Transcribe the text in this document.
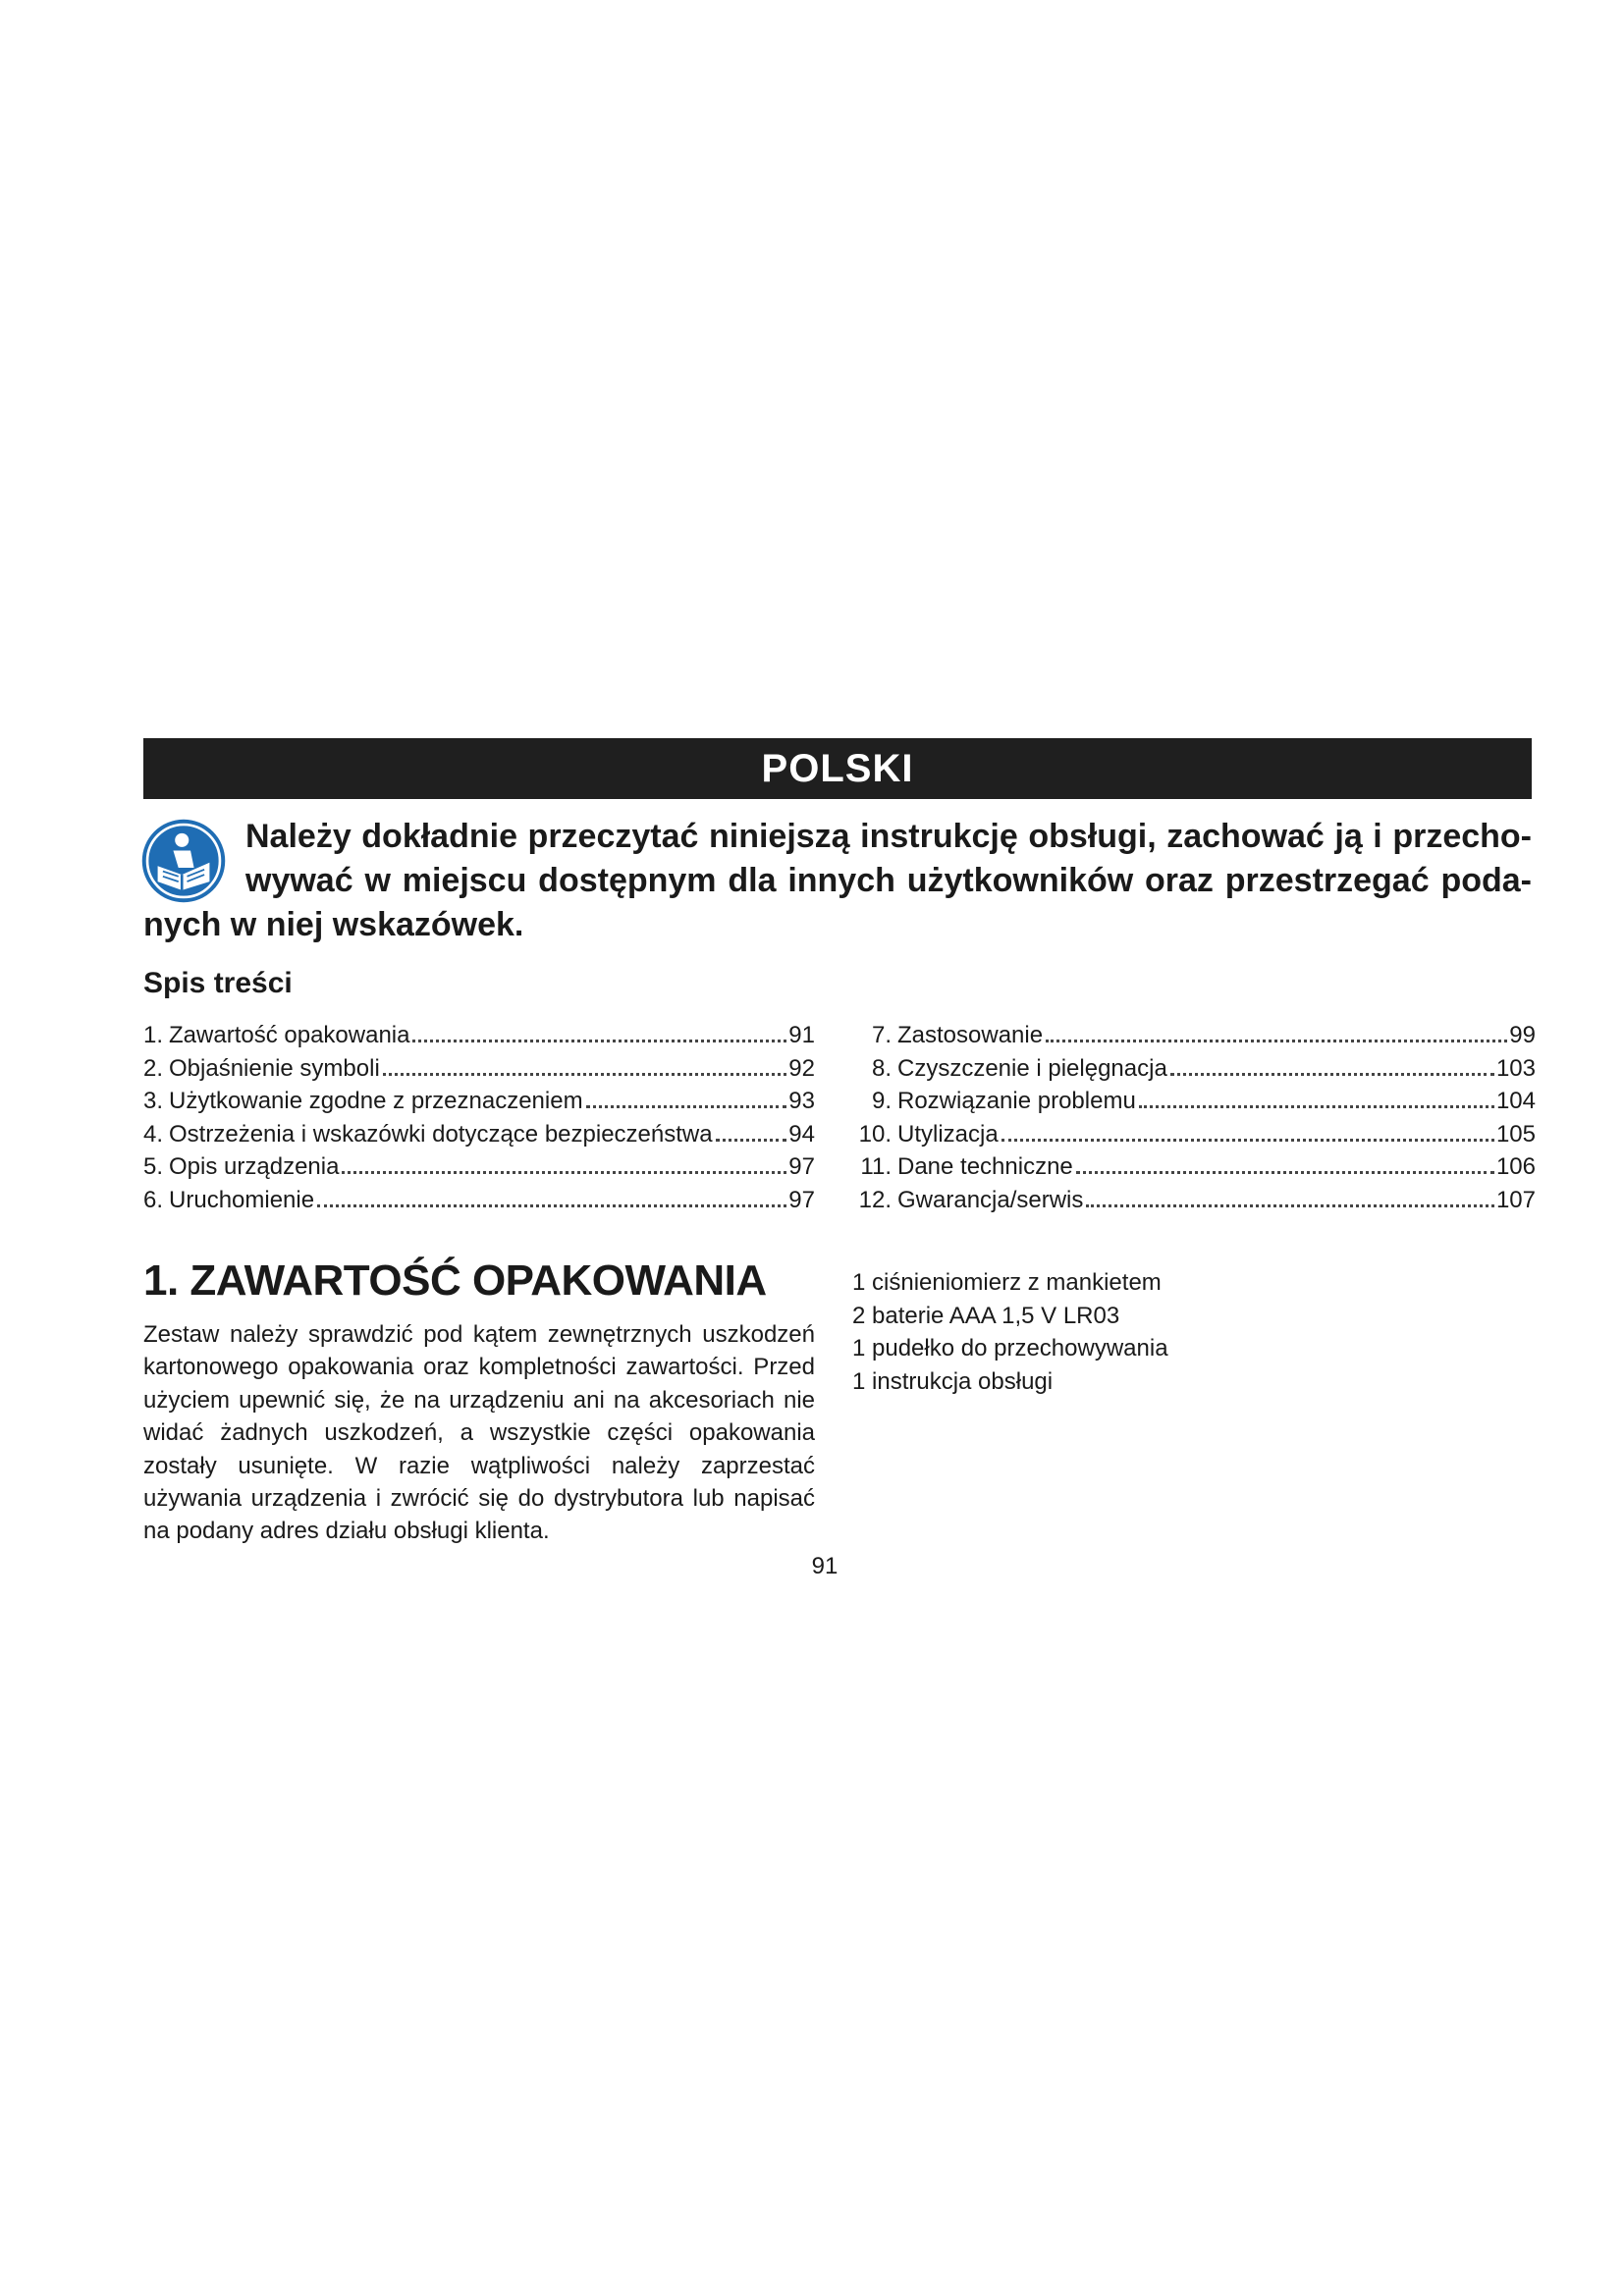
POLSKI
Należy dokładnie przeczytać niniejszą instrukcję obsługi, zachować ją i przecho-
wywać w miejscu dostępnym dla innych użytkowników oraz przestrzegać poda-
nych w niej wskazówek.
Spis treści
1. Zawartość opakowania	91
2. Objaśnienie symboli	92
3. Użytkowanie zgodne z przeznaczeniem	93
4. Ostrzeżenia i wskazówki dotyczące bezpieczeństwa	94
5. Opis urządzenia	97
6. Uruchomienie	97
7. Zastosowanie	99
8. Czyszczenie i pielęgnacja	103
9. Rozwiązanie problemu	104
10. Utylizacja	105
11. Dane techniczne	106
12. Gwarancja/serwis	107
1. ZAWARTOŚĆ OPAKOWANIA
Zestaw należy sprawdzić pod kątem zewnętrznych uszkodzeń kartonowego opakowania oraz kompletności zawartości. Przed użyciem upewnić się, że na urządzeniu ani na akcesoriach nie widać żadnych uszkodzeń, a wszystkie części opakowania zostały usunięte. W razie wątpliwości należy zaprzestać używania urządzenia i zwrócić się do dystrybutora lub napisać na podany adres działu obsługi klienta.
1 ciśnieniomierz z mankietem
2 baterie AAA 1,5 V LR03
1 pudełko do przechowywania
1 instrukcja obsługi
91
